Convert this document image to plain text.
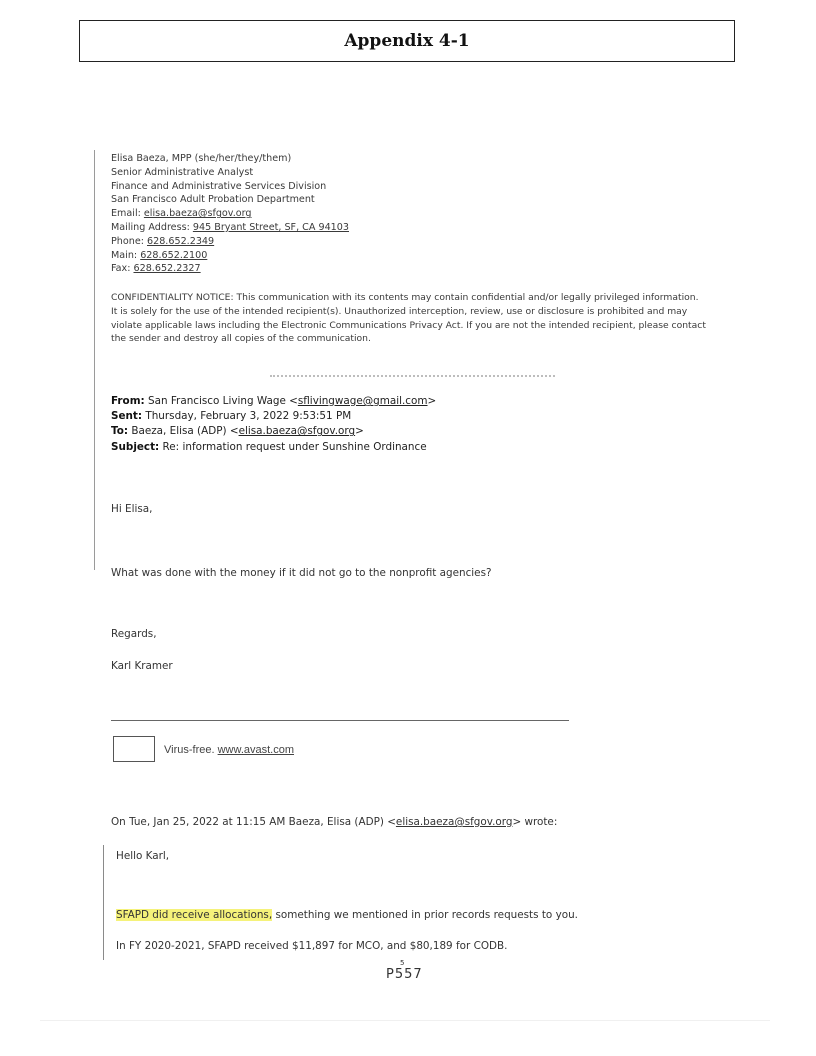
Appendix 4-1
Elisa Baeza, MPP (she/her/they/them)
Senior Administrative Analyst
Finance and Administrative Services Division
San Francisco Adult Probation Department
Email: elisa.baeza@sfgov.org
Mailing Address: 945 Bryant Street, SF, CA 94103
Phone: 628.652.2349
Main: 628.652.2100
Fax: 628.652.2327
CONFIDENTIALITY NOTICE: This communication with its contents may contain confidential and/or legally privileged information.
It is solely for the use of the intended recipient(s). Unauthorized interception, review, use or disclosure is prohibited and may
violate applicable laws including the Electronic Communications Privacy Act. If you are not the intended recipient, please contact
the sender and destroy all copies of the communication.
From: San Francisco Living Wage <sflivingwage@gmail.com>
Sent: Thursday, February 3, 2022 9:53:51 PM
To: Baeza, Elisa (ADP) <elisa.baeza@sfgov.org>
Subject: Re: information request under Sunshine Ordinance
Hi Elisa,
What was done with the money if it did not go to the nonprofit agencies?
Regards,
Karl Kramer
Virus-free. www.avast.com
On Tue, Jan 25, 2022 at 11:15 AM Baeza, Elisa (ADP) <elisa.baeza@sfgov.org> wrote:
Hello Karl,
SFAPD did receive allocations, something we mentioned in prior records requests to you.
In FY 2020-2021, SFAPD received $11,897 for MCO, and $80,189 for CODB.
5
P557
